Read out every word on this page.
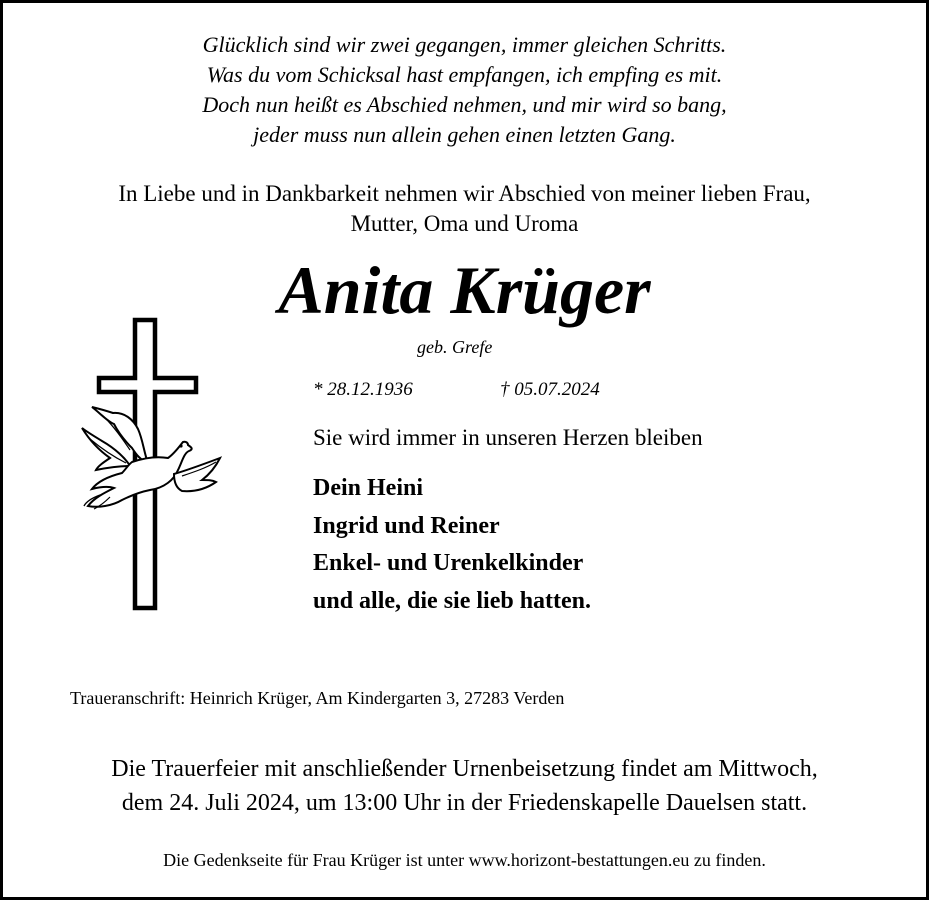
Glücklich sind wir zwei gegangen, immer gleichen Schritts.
Was du vom Schicksal hast empfangen, ich empfing es mit.
Doch nun heißt es Abschied nehmen, und mir wird so bang,
jeder muss nun allein gehen einen letzten Gang.
In Liebe und in Dankbarkeit nehmen wir Abschied von meiner lieben Frau,
Mutter, Oma und Uroma
Anita Krüger
geb. Grefe
* 28.12.1936	† 05.07.2024
Sie wird immer in unseren Herzen bleiben
Dein Heini
Ingrid und Reiner
Enkel- und Urenkelkinder
und alle, die sie lieb hatten.
Traueranschrift: Heinrich Krüger, Am Kindergarten 3, 27283 Verden
Die Trauerfeier mit anschließender Urnenbeisetzung findet am Mittwoch,
dem 24. Juli 2024, um 13:00 Uhr in der Friedenskapelle Dauelsen statt.
Die Gedenkseite für Frau Krüger ist unter www.horizont-bestattungen.eu zu finden.
